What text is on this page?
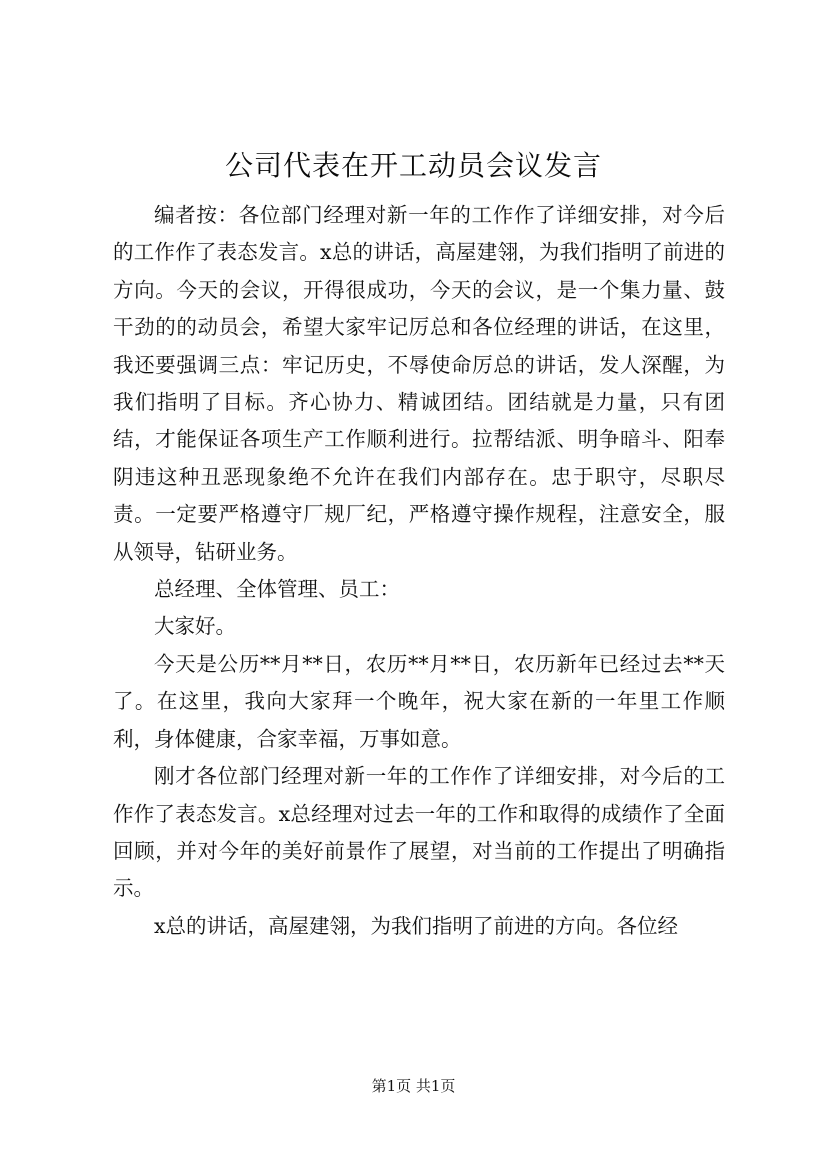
公司代表在开工动员会议发言

编者按：各位部门经理对新一年的工作作了详细安排，对今后的工作作了表态发言。x总的讲话，高屋建翎，为我们指明了前进的方向。今天的会议，开得很成功，今天的会议，是一个集力量、鼓干劲的的动员会，希望大家牢记厉总和各位经理的讲话，在这里，我还要强调三点：牢记历史，不辱使命厉总的讲话，发人深醒，为我们指明了目标。齐心协力、精诚团结。团结就是力量，只有团结，才能保证各项生产工作顺利进行。拉帮结派、明争暗斗、阳奉阴违这种丑恶现象绝不允许在我们内部存在。忠于职守，尽职尽责。一定要严格遵守厂规厂纪，严格遵守操作规程，注意安全，服从领导，钻研业务。

总经理、全体管理、员工：

大家好。

今天是公历**月**日，农历**月**日，农历新年已经过去**天了。在这里，我向大家拜一个晚年，祝大家在新的一年里工作顺利，身体健康，合家幸福，万事如意。

刚才各位部门经理对新一年的工作作了详细安排，对今后的工作作了表态发言。x总经理对过去一年的工作和取得的成绩作了全面回顾，并对今年的美好前景作了展望，对当前的工作提出了明确指示。

x总的讲话，高屋建翎，为我们指明了前进的方向。各位经

第1页 共1页
